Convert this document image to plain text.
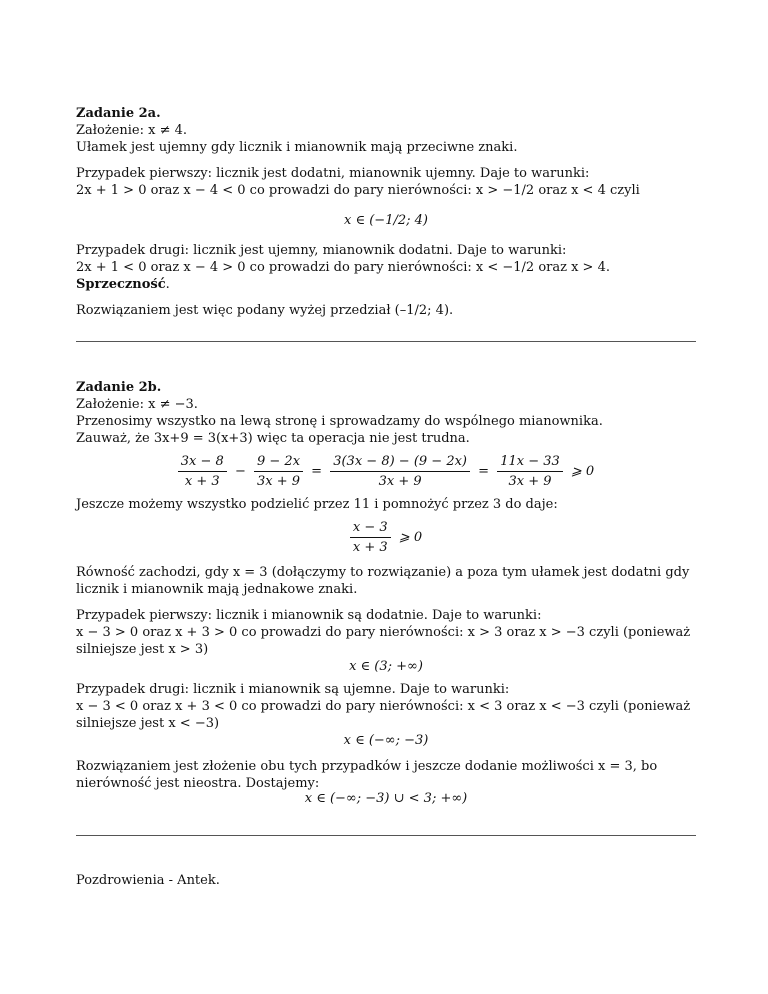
Zadanie 2a.

Założenie: x ≠ 4.

Ułamek jest ujemny gdy licznik i mianownik mają przeciwne znaki.

Przypadek pierwszy: licznik jest dodatni, mianownik ujemny. Daje to warunki:

2x + 1 > 0 oraz x − 4 < 0 co prowadzi do pary nierówności: x > −1/2 oraz x < 4 czyli

x ∈ (−1/2; 4)

Przypadek drugi: licznik jest ujemny, mianownik dodatni. Daje to warunki:

2x + 1 < 0 oraz x − 4 > 0 co prowadzi do pary nierówności: x < −1/2 oraz x > 4. Sprzeczność.

Rozwiązaniem jest więc podany wyżej przedział (–1/2; 4).

Zadanie 2b.

Założenie: x ≠ −3.

Przenosimy wszystko na lewą stronę i sprowadzamy do wspólnego mianownika.

Zauważ, że 3x+9 = 3(x+3) więc ta operacja nie jest trudna.

$\frac{3x - 8}{x + 3} - \frac{9 - 2x}{3x + 9} = \frac{3(3x - 8) - (9 - 2x)}{3x + 9} = \frac{11x - 33}{3x + 9}$ ⩾ 0

Jeszcze możemy wszystko podzielić przez 11 i pomnożyć przez 3 do daje:

$\frac{x - 3}{x + 3}$ ⩾ 0

Równość zachodzi, gdy x = 3 (dołączymy to rozwiązanie) a poza tym ułamek jest dodatni gdy licznik i mianownik mają jednakowe znaki.

Przypadek pierwszy: licznik i mianownik są dodatnie. Daje to warunki:

x − 3 > 0 oraz x + 3 > 0 co prowadzi do pary nierówności: x > 3 oraz x > −3 czyli (ponieważ silniejsze jest x > 3)

x ∈ (3; +∞)

Przypadek drugi: licznik i mianownik są ujemne. Daje to warunki:

x − 3 < 0 oraz x + 3 < 0 co prowadzi do pary nierówności: x < 3 oraz x < −3 czyli (ponieważ silniejsze jest x < −3)

x ∈ (−∞; −3)

Rozwiązaniem jest złożenie obu tych przypadków i jeszcze dodanie możliwości x = 3, bo nierówność jest nieostra. Dostajemy:

x ∈ (−∞; −3) ∪ < 3; +∞)

Pozdrowienia - Antek.
